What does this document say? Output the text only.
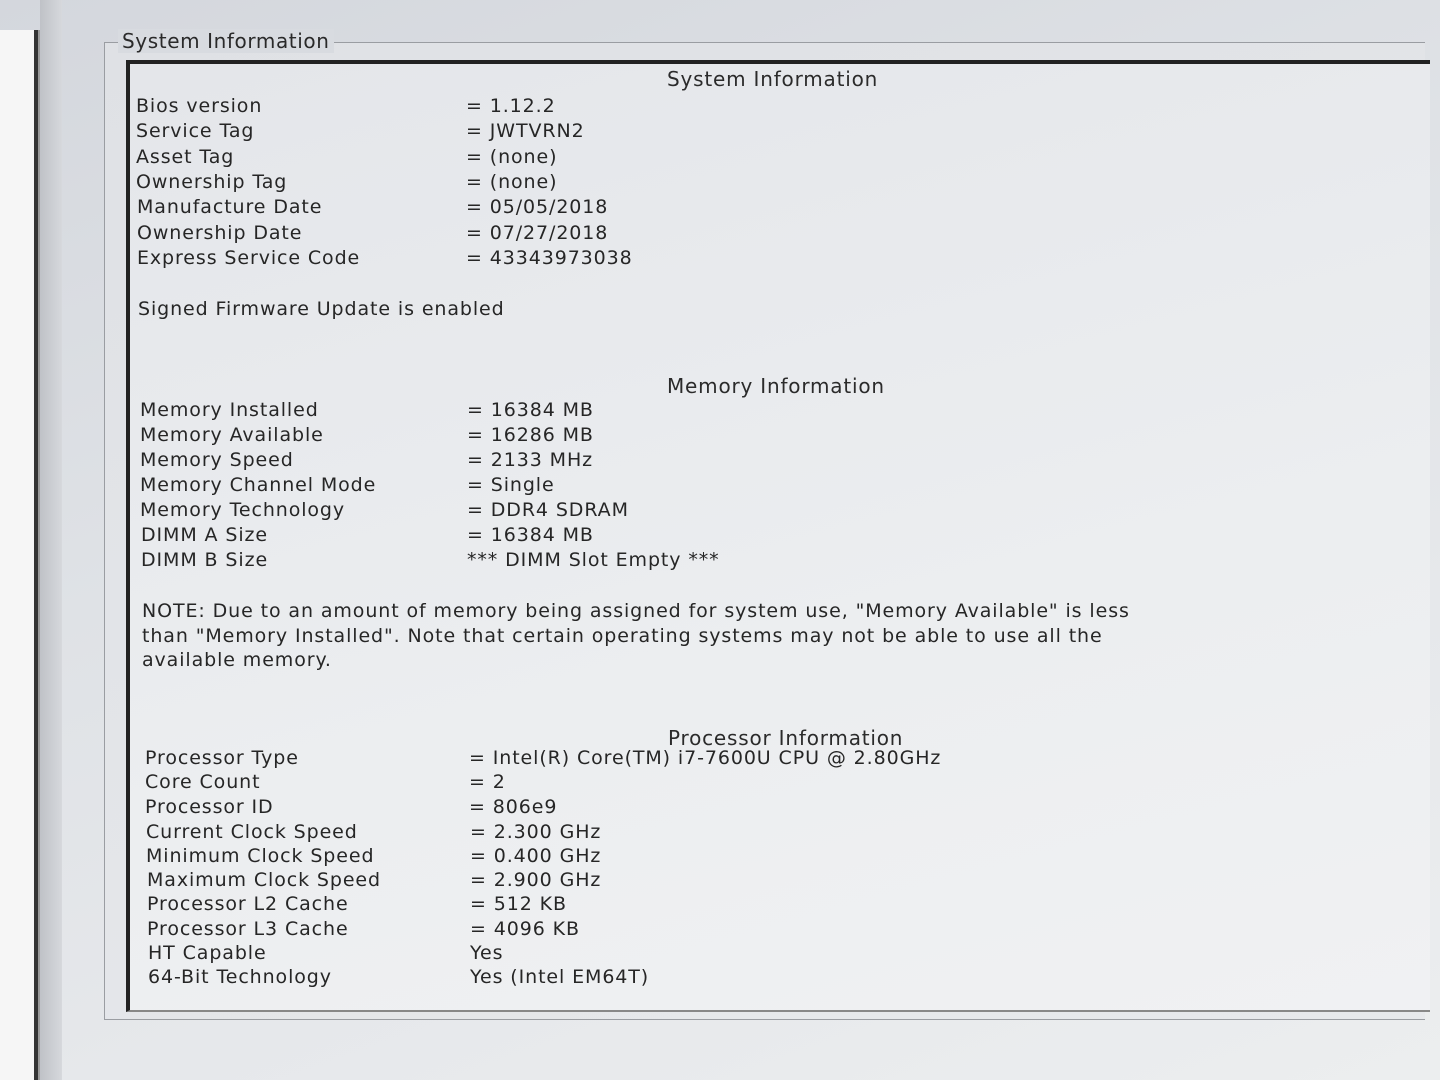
System Information
System Information
Bios version	= 1.12.2
Service Tag	= JWTVRN2
Asset Tag	= (none)
Ownership Tag	= (none)
Manufacture Date	= 05/05/2018
Ownership Date	= 07/27/2018
Express Service Code	= 43343973038
Signed Firmware Update is enabled
Memory Information
Memory Installed	= 16384 MB
Memory Available	= 16286 MB
Memory Speed	= 2133 MHz
Memory Channel Mode	= Single
Memory Technology	= DDR4 SDRAM
DIMM A Size	= 16384 MB
DIMM B Size	*** DIMM Slot Empty ***
NOTE: Due to an amount of memory being assigned for system use, "Memory Available" is less
than "Memory Installed". Note that certain operating systems may not be able to use all the
available memory.
Processor Information
Processor Type	= Intel(R) Core(TM) i7-7600U CPU @ 2.80GHz
Core Count	= 2
Processor ID	= 806e9
Current Clock Speed	= 2.300 GHz
Minimum Clock Speed	= 0.400 GHz
Maximum Clock Speed	= 2.900 GHz
Processor L2 Cache	= 512 KB
Processor L3 Cache	= 4096 KB
HT Capable	Yes
64-Bit Technology	Yes (Intel EM64T)
